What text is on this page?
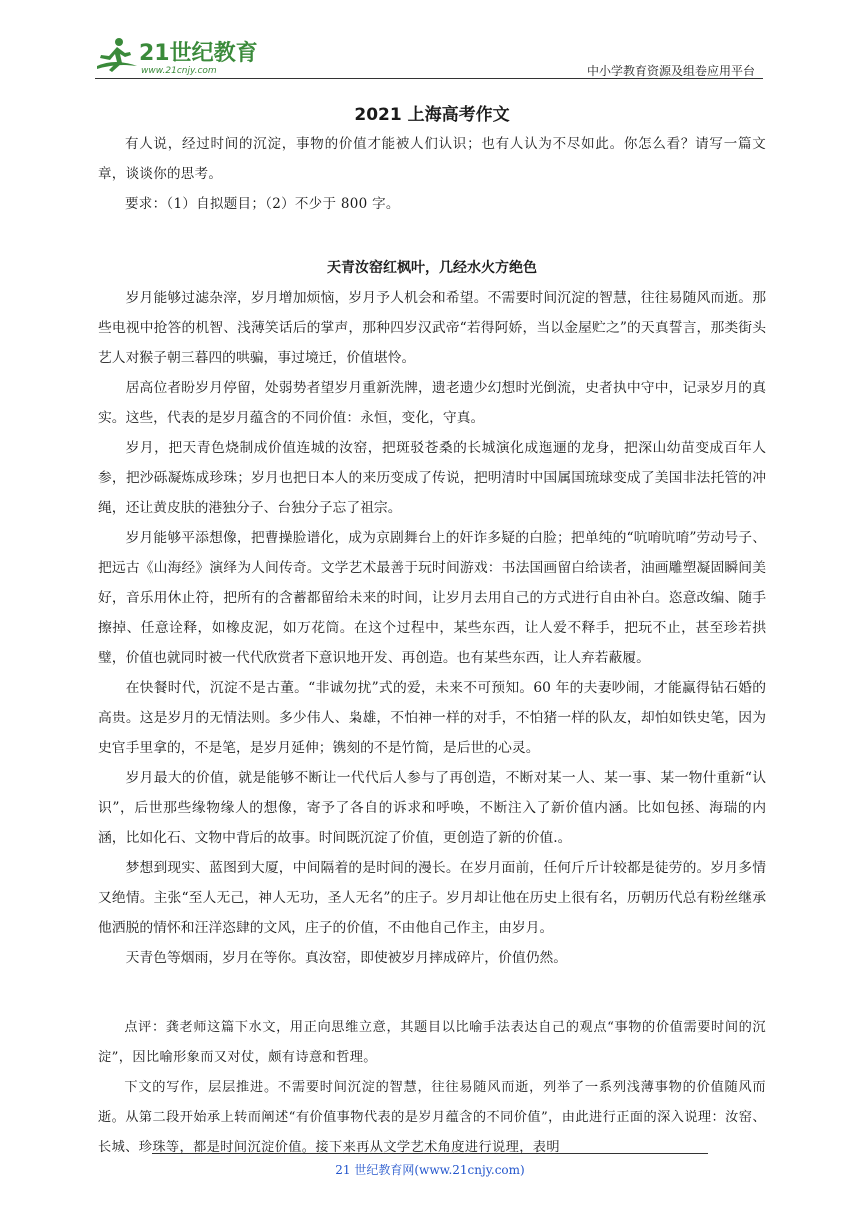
21世纪教育
www.21cnjy.com	中小学教育资源及组卷应用平台
2021 上海高考作文

有人说，经过时间的沉淀，事物的价值才能被人们认识；也有人认为不尽如此。你怎么看？请写一篇文章，谈谈你的思考。

要求：（1）自拟题目；（2）不少于 800 字。

天青汝窑红枫叶，几经水火方绝色

岁月能够过滤杂滓，岁月增加烦恼，岁月予人机会和希望。不需要时间沉淀的智慧，往往易随风而逝。那些电视中抢答的机智、浅薄笑话后的掌声，那种四岁汉武帝“若得阿娇，当以金屋贮之”的天真誓言，那类街头艺人对猴子朝三暮四的哄骗，事过境迁，价值堪怜。

居高位者盼岁月停留，处弱势者望岁月重新洗牌，遗老遗少幻想时光倒流，史者执中守中，记录岁月的真实。这些，代表的是岁月蕴含的不同价值：永恒，变化，守真。

岁月，把天青色烧制成价值连城的汝窑，把斑驳苍桑的长城演化成迤逦的龙身，把深山幼苗变成百年人参，把沙砾凝炼成珍珠；岁月也把日本人的来历变成了传说，把明清时中国属国琉球变成了美国非法托管的冲绳，还让黄皮肤的港独分子、台独分子忘了祖宗。

岁月能够平添想像，把曹操脸谱化，成为京剧舞台上的奸诈多疑的白脸；把单纯的“吭唷吭唷”劳动号子、把远古《山海经》演绎为人间传奇。文学艺术最善于玩时间游戏：书法国画留白给读者，油画雕塑凝固瞬间美好，音乐用休止符，把所有的含蓄都留给未来的时间，让岁月去用自己的方式进行自由补白。恣意改编、随手擦掉、任意诠释，如橡皮泥，如万花筒。在这个过程中，某些东西，让人爱不释手，把玩不止，甚至珍若拱璧，价值也就同时被一代代欣赏者下意识地开发、再创造。也有某些东西，让人弃若蔽履。

在快餐时代，沉淀不是古董。“非诚勿扰”式的爱，未来不可预知。60 年的夫妻吵闹，才能赢得钻石婚的高贵。这是岁月的无情法则。多少伟人、枭雄，不怕神一样的对手，不怕猪一样的队友，却怕如铁史笔，因为史官手里拿的，不是笔，是岁月延伸；镌刻的不是竹简，是后世的心灵。

岁月最大的价值，就是能够不断让一代代后人参与了再创造，不断对某一人、某一事、某一物什重新“认识”，后世那些缘物缘人的想像，寄予了各自的诉求和呼唤，不断注入了新价值内涵。比如包拯、海瑞的内涵，比如化石、文物中背后的故事。时间既沉淀了价值，更创造了新的价值.。

梦想到现实、蓝图到大厦，中间隔着的是时间的漫长。在岁月面前，任何斤斤计较都是徒劳的。岁月多情又绝情。主张“至人无己，神人无功，圣人无名”的庄子。岁月却让他在历史上很有名，历朝历代总有粉丝继承他洒脱的情怀和汪洋恣肆的文风，庄子的价值，不由他自己作主，由岁月。

天青色等烟雨，岁月在等你。真汝窑，即使被岁月摔成碎片，价值仍然。

点评：龚老师这篇下水文，用正向思维立意，其题目以比喻手法表达自己的观点“事物的价值需要时间的沉淀”，因比喻形象而又对仗，颇有诗意和哲理。

下文的写作，层层推进。不需要时间沉淀的智慧，往往易随风而逝，列举了一系列浅薄事物的价值随风而逝。从第二段开始承上转而阐述“有价值事物代表的是岁月蕴含的不同价值”，由此进行正面的深入说理：汝窑、长城、珍珠等，都是时间沉淀价值。接下来再从文学艺术角度进行说理，表明

21 世纪教育网(www.21cnjy.com)
